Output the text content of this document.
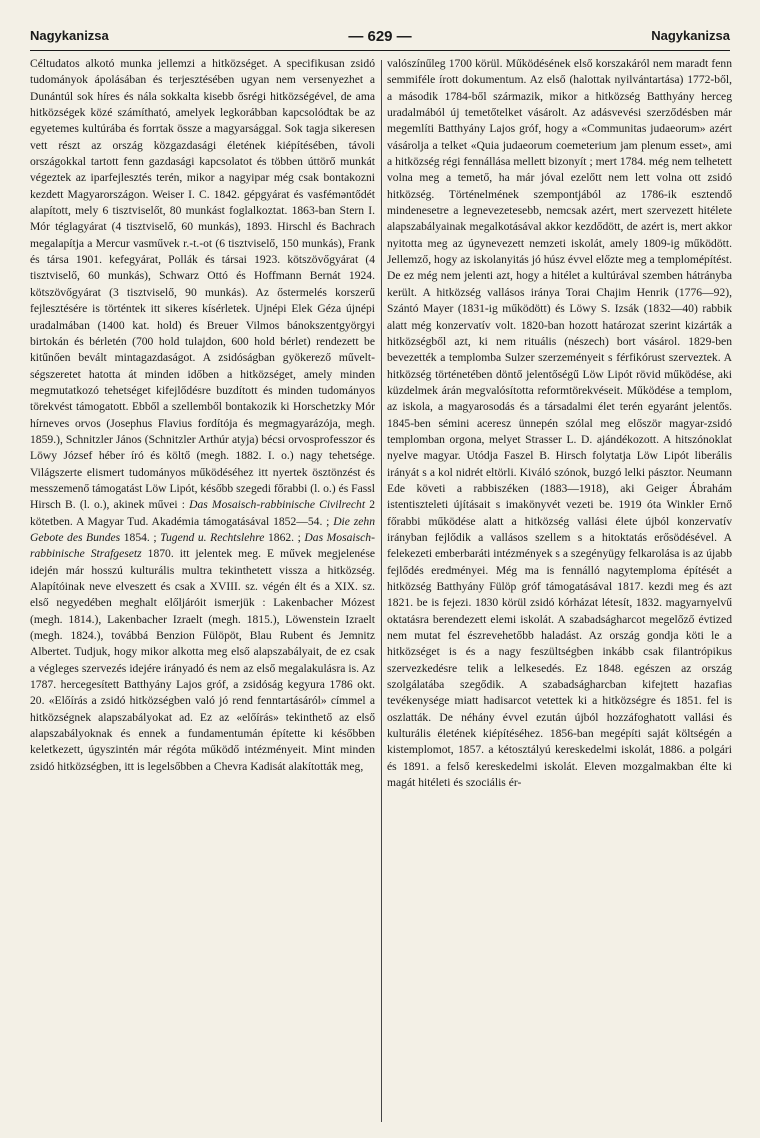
Nagykanizsa	— 629 —	Nagykanizsa

Céltudatos alkotó munka jellemzi a hitközséget. A specifikusan zsidó tudományok ápolásában és terjesztésében ugyan nem versenyezhet a Dunántúl sok híres és nála sokkalta kisebb ősrégi hitközségével, de ama hitközségek közé számítható, amelyek legkorábban kapcsolódtak be az egyetemes kultúrába és forrtak össze a magyarsággal. Sok tagja sikeresen vett részt az ország közgazdasági életének kiépítésében, távoli országokkal tartott fenn gazdasági kapcsolatot és többen úttörő munkát végeztek az iparfejlesztés terén, mikor a nagyipar még csak bontakozni kezdett Magyarországon. Weiser I. C. 1842. gépgyárat és vasféməntődét alapított, mely 6 tisztviselőt, 80 munkást foglalkoztat. 1863-ban Stern I. Mór téglagyárat (4 tisztviselő, 60 munkás), 1893. Hirschl és Bachrach megalapítja a Mercur vasművek r.-t.-ot (6 tisztviselő, 150 munkás), Frank és társa 1901. kefegyárat, Pollák és társai 1923. kötszövőgyárat (4 tisztviselő, 60 munkás), Schwarz Ottó és Hoffmann Bernát 1924. kötszövőgyárat (3 tisztviselő, 90 munkás). Az őstermelés korszerű fejlesztésére is történtek itt sikeres kísérletek. Ujnépi Elek Géza újnépi uradalmában (1400 kat. hold) és Breuer Vilmos bánokszentgyörgyi birtokán és bérletén (700 hold tulajdon, 600 hold bérlet) rendezett be kitűnően bevált mintagazdaságot. A zsidóságban gyökerező műveltségszeretet hatotta át minden időben a hitközséget, amely minden megmutatkozó tehetséget kifejlődésre buzdított és minden tudományos törekvést támogatott. Ebből a szellemből bontakozik ki Horschetzky Mór hírneves orvos (Josephus Flavius fordítója és megmagyarázója, megh. 1859.), Schnitzler János (Schnitzler Arthúr atyja) bécsi orvosprofesszor és Löwy József héber író és költő (megh. 1882. I. o.) nagy tehetsége. Világszerte elismert tudományos működéséhez itt nyertek ösztönzést és messzemenő támogatást Löw Lipót, később szegedi főrabbi (l. o.) és Fassl Hirsch B. (l. o.), akinek művei : Das Mosaisch-rabbinische Civilrecht 2 kötetben. A Magyar Tud. Akadémia támogatásával 1852—54. ; Die zehn Gebote des Bundes 1854. ; Tugend u. Rechtslehre 1862. ; Das Mosaisch-rabbinische Strafgesetz 1870. itt jelentek meg. E művek megjelenése idején már hosszú kulturális multra tekinthetett vissza a hitközség. Alapítóinak neve elveszett és csak a XVIII. sz. végén élt és a XIX. sz. első negyedében meghalt előljáróit ismerjük : Lakenbacher Mózest (megh. 1814.), Lakenbacher Izraelt (megh. 1815.), Löwenstein Izraelt (megh. 1824.), továbbá Benzion Fülöpöt, Blau Rubent és Jemnitz Albertet. Tudjuk, hogy mikor alkotta meg első alapszabályait, de ez csak a végleges szervezés idejére irányadó és nem az első megalakulásra is. Az 1787. hercegesített Batthyány Lajos gróf, a zsidóság kegyura 1786 okt. 20. «Előírás a zsidó hitközségben való jó rend fenntartásáról» címmel a hitközségnek alapszabályokat ad. Ez az «előírás» tekinthető az első alapszabályoknak és ennek a fundamentumán építette ki későbben keletkezett, úgyszintén már régóta működő intézményeit. Mint minden zsidó hitközségben, itt is legelsőbben a Chevra Kadisát alakították meg,

valószínűleg 1700 körül. Működésének első korszakáról nem maradt fenn semmiféle írott dokumentum. Az első (halottak nyilvántartása) 1772-ből, a második 1784-ből származik, mikor a hitközség Batthyány herceg uradalmából új temetőtelket vásárolt. Az adásvevési szerződésben már megemlíti Batthyány Lajos gróf, hogy a «Communitas judaeorum» azért vásárolja a telket «Quia judaeorum coemeterium jam plenum esset», ami a hitközség régi fennállása mellett bizonyít ; mert 1784. még nem telhetett volna meg a temető, ha már jóval ezelőtt nem lett volna ott zsidó hitközség. Történelmének szempontjából az 1786-ik esztendő mindenesetre a legnevezetesebb, nemcsak azért, mert szervezett hitélete alapszabályainak megalkotásával akkor kezdődött, de azért is, mert akkor nyitotta meg az úgynevezett nemzeti iskolát, amely 1809-ig működött. Jellemző, hogy az iskolanyitás jó húsz évvel előzte meg a templomépítést. De ez még nem jelenti azt, hogy a hitélet a kultúrával szemben hátrányba került. A hitközség vallásos iránya Torai Chajim Henrik (1776—92), Szántó Mayer (1831-ig működött) és Löwy S. Izsák (1832—40) rabbik alatt még konzervatív volt. 1820-ban hozott határozat szerint kizárták a hitközségből azt, ki nem rituális (nészech) bort vásárol. 1829-ben bevezették a templomba Sulzer szerzeményeit s férfikórust szerveztek. A hitközség történetében döntő jelentőségű Löw Lipót rövid működése, aki küzdelmek árán megvalósította reformtörekvéseit. Működése a templom, az iskola, a magyarosodás és a társadalmi élet terén egyaránt jelentős. 1845-ben sémini aceresz ünnepén szólal meg először magyar-zsidó templomban orgona, melyet Strasser L. D. ajándékozott. A hitszónoklat nyelve magyar. Utódja Faszel B. Hirsch folytatja Löw Lipót liberális irányát s a kol nidrét eltörli. Kiváló szónok, buzgó lelki pásztor. Neumann Ede követi a rabbiszéken (1883—1918), aki Geiger Ábrahám istentiszteleti újításait s imakönyvét vezeti be. 1919 óta Winkler Ernő főrabbi működése alatt a hitközség vallási élete újból konzervatív irányban fejlődik a vallásos szellem s a hitoktatás erősödésével. A felekezeti emberbaráti intézmények s a szegényügy felkarolása is az újabb fejlődés eredményei. Még ma is fennálló nagytemploma építését a hitközség Batthyány Fülöp gróf támogatásával 1817. kezdi meg és azt 1821. be is fejezi. 1830 körül zsidó kórházat létesít, 1832. magyarnyelvű oktatásra berendezett elemi iskolát. A szabadságharcot megelőző évtized nem mutat fel észrevehetőbb haladást. Az ország gondja köti le a hitközséget is és a nagy feszültségben inkább csak filantrópikus szervezkedésre telik a lelkesedés. Ez 1848. egészen az ország szolgálatába szegődik. A szabadságharcban kifejtett hazafias tevékenysége miatt hadisarcot vetettek ki a hitközségre és 1851. fel is oszlatták. De néhány évvel ezután újból hozzáfoghatott vallási és kulturális életének kiépítéséhez. 1856-ban megépíti saját költségén a kistemplomot, 1857. a kétosztályú kereskedelmi iskolát, 1886. a polgári és 1891. a felső kereskedelmi iskolát. Eleven mozgalmakban élte ki magát hitéleti és szociális ér-
